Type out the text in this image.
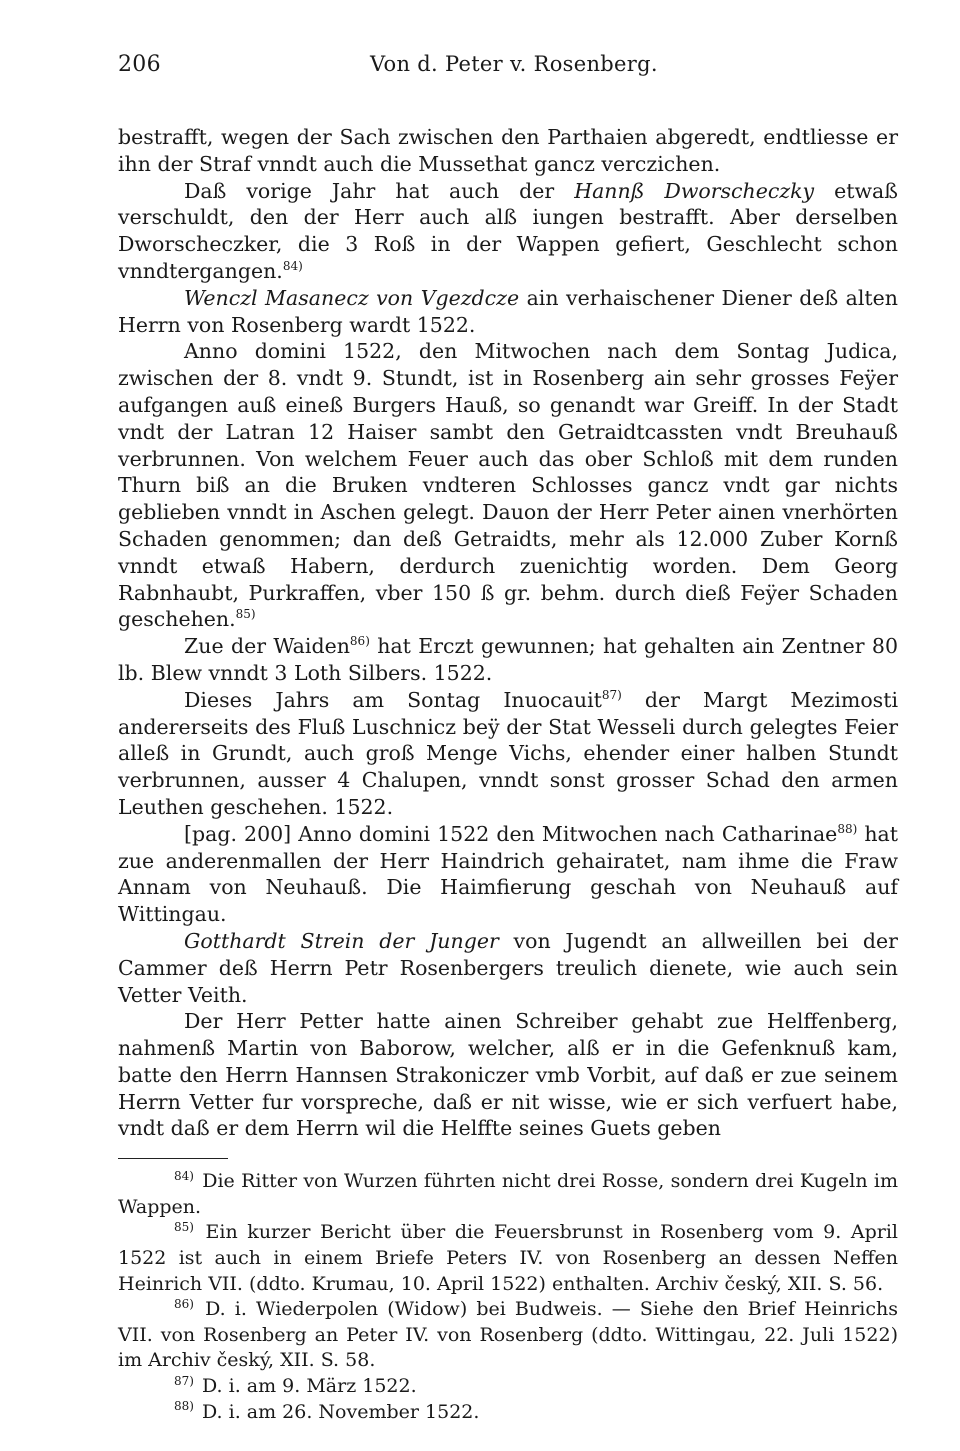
206	Von d. Peter v. Rosenberg.

bestrafft, wegen der Sach zwischen den Parthaien abgeredt, endtliesse er ihn der Straf vnndt auch die Mussethat gancz verczichen.

Daß vorige Jahr hat auch der Hannß Dworscheczky etwaß verschuldt, den der Herr auch alß iungen bestrafft. Aber derselben Dworscheczker, die 3 Roß in der Wappen gefiert, Geschlecht schon vnndtergangen.$^{84)}$

Wenczl Masanecz von Vgezdcze ain verhaischener Diener deß alten Herrn von Rosenberg wardt 1522.

Anno domini 1522, den Mitwochen nach dem Sontag Judica, zwischen der 8. vndt 9. Stundt, ist in Rosenberg ain sehr grosses Feÿer aufgangen auß eineß Burgers Hauß, so genandt war Greiff. In der Stadt vndt der Latran 12 Haiser sambt den Getraidtcassten vndt Breuhauß verbrunnen. Von welchem Feuer auch das ober Schloß mit dem runden Thurn biß an die Bruken vndteren Schlosses gancz vndt gar nichts geblieben vnndt in Aschen gelegt. Dauon der Herr Peter ainen vnerhörten Schaden genommen; dan deß Getraidts, mehr als 12.000 Zuber Kornß vnndt etwaß Habern, derdurch zuenichtig worden. Dem Georg Rabnhaubt, Purkraffen, vber 150 ß gr. behm. durch dieß Feÿer Schaden geschehen.$^{85)}$

Zue der Waiden$^{86)}$ hat Erczt gewunnen; hat gehalten ain Zentner 80 lb. Blew vnndt 3 Loth Silbers. 1522.

Dieses Jahrs am Sontag Inuocauit$^{87)}$ der Margt Mezimosti andererseits des Fluß Luschnicz beÿ der Stat Wesseli durch gelegtes Feier alleß in Grundt, auch groß Menge Vichs, ehender einer halben Stundt verbrunnen, ausser 4 Chalupen, vnndt sonst grosser Schad den armen Leuthen geschehen. 1522.

[pag. 200] Anno domini 1522 den Mitwochen nach Catharinae$^{88)}$ hat zue anderenmallen der Herr Haindrich gehairatet, nam ihme die Fraw Annam von Neuhauß. Die Haimfierung geschah von Neuhauß auf Wittingau.

Gotthardt Strein der Junger von Jugendt an allweillen bei der Cammer deß Herrn Petr Rosenbergers treulich dienete, wie auch sein Vetter Veith.

Der Herr Petter hatte ainen Schreiber gehabt zue Helffenberg, nahmenß Martin von Baborow, welcher, alß er in die Gefenknuß kam, batte den Herrn Hannsen Strakoniczer vmb Vorbit, auf daß er zue seinem Herrn Vetter fur vorspreche, daß er nit wisse, wie er sich verfuert habe, vndt daß er dem Herrn wil die Helffte seines Guets geben

$^{84)}$ Die Ritter von Wurzen führten nicht drei Rosse, sondern drei Kugeln im Wappen.

$^{85)}$ Ein kurzer Bericht über die Feuersbrunst in Rosenberg vom 9. April 1522 ist auch in einem Briefe Peters IV. von Rosenberg an dessen Neffen Heinrich VII. (ddto. Krumau, 10. April 1522) enthalten. Archiv český, XII. S. 56.

$^{86)}$ D. i. Wiederpolen (Widow) bei Budweis. — Siehe den Brief Heinrichs VII. von Rosenberg an Peter IV. von Rosenberg (ddto. Wittingau, 22. Juli 1522) im Archiv český, XII. S. 58.

$^{87)}$ D. i. am 9. März 1522.

$^{88)}$ D. i. am 26. November 1522.
